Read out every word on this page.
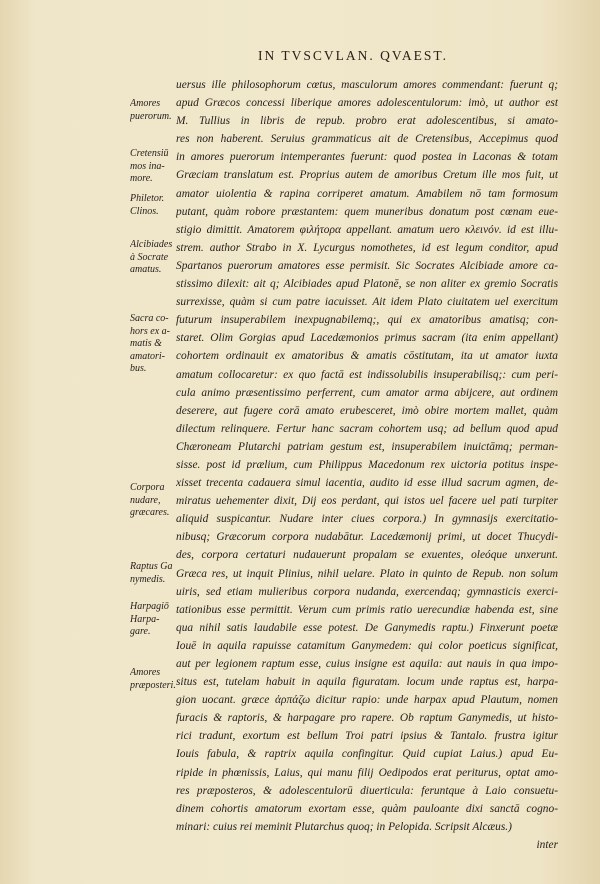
IN TVSCVLAN. QVAEST.
uersus ille philosophorum cœtus, masculorum amores commendant: fuerunt q;
apud Græcos concessi liberique amores adolescentulorum: imò, ut author est
M. Tullius in libris de repub. probro erat adolescentibus, si amato-
res non haberent. Seruius grammaticus ait de Cretensibus, Accepimus quod
in amores puerorum intemperantes fuerunt: quod postea in Laconas & totam
Græciam translatum est. Proprius autem de amoribus Cretum ille mos fuit, ut
amator uiolentia & rapina corriperet amatum. Amabilem nō tam formosum
putant, quàm robore præstantem: quem muneribus donatum post cœnam eue-
stigio dimittit. Amatorem φιλήτορα appellant. amatum uero κλεινόν. id est illu-
strem. author Strabo in X. Lycurgus nomothetes, id est legum conditor, apud
Spartanos puerorum amatores esse permisit. Sic Socrates Alcibiade amore ca-
stissimo dilexit: ait q; Alcibiades apud Platonē, se non aliter ex gremio Socratis
surrexisse, quàm si cum patre iacuisset. Ait idem Plato ciuitatem uel exercitum
futurum insuperabilem inexpugnabilemq;, qui ex amatoribus amatisq; con-
staret. Olim Gorgias apud Lacedæmonios primus sacram (ita enim appellant)
cohortem ordinauit ex amatoribus & amatis cōstitutam, ita ut amator iuxta
amatum collocaretur: ex quo factā est indissolubilis insuperabilisq;: cum peri-
cula animo præsentissimo perferrent, cum amator arma abijcere, aut ordinem
deserere, aut fugere corā amato erubesceret, imò obire mortem mallet, quàm
dilectum relinquere. Fertur hanc sacram cohortem usq; ad bellum quod apud
Chæroneam Plutarchi patriam gestum est, insuperabilem inuictāmq; perman-
sisse. post id prælium, cum Philippus Macedonum rex uictoria potitus inspe-
xisset trecenta cadauera simul iacentia, audito id esse illud sacrum agmen, de-
miratus uehementer dixit, Dij eos perdant, qui istos uel facere uel pati turpiter
aliquid suspicantur. Nudare inter ciues corpora.) In gymnasijs exercitatio-
nibusq; Græcorum corpora nudabātur. Lacedæmonij primi, ut docet Thucydi-
des, corpora certaturi nudauerunt propalam se exuentes, oleóque unxerunt.
Græca res, ut inquit Plinius, nihil uelare. Plato in quinto de Repub. non solum
uiris, sed etiam mulieribus corpora nudanda, exercendaq; gymnasticis exerci-
tationibus esse permittit. Verum cum primis ratio uerecundiæ habenda est, sine
qua nihil satis laudabile esse potest. De Ganymedis raptu.) Finxerunt poetæ
Iouē in aquila rapuisse catamitum Ganymedem: qui color poeticus significat,
aut per legionem raptum esse, cuius insigne est aquila: aut nauis in qua impo-
situs est, tutelam habuit in aquila figuratam. locum unde raptus est, harpa-
gion uocant. græce ἁρπάζω dicitur rapio: unde harpax apud Plautum, nomen
furacis & raptoris, & harpagare pro rapere. Ob raptum Ganymedis, ut histo-
rici tradunt, exortum est bellum Troi patri ipsius & Tantalo. frustra igitur
Iouis fabula, & raptrix aquila confingitur. Quid cupiat Laius.) apud Eu-
ripide in phœnissis, Laius, qui manu filij Oedipodos erat periturus, optat amo-
res præposteros, & adolescentulorū diuerticula: feruntque à Laio consuetu-
dinem cohortis amatorum exortam esse, quàm pauloante dixi sanctā cogno-
minari: cuius rei meminit Plutarchus quoq; in Pelopida. Scripsit Alcæus.)
inter
Amores
puerorum.
Cretensiū
mos ina-
more.
Philetor.
Clinos.
Alcibiades
à Socrate
amatus.
Sacra co-
hors ex a-
matis &
amatori-
bus.
Corpora
nudare,
græcares.
Raptus Ga
nymedis.
Harpagiō
Harpa-
gare.
Amores
præposteri.
